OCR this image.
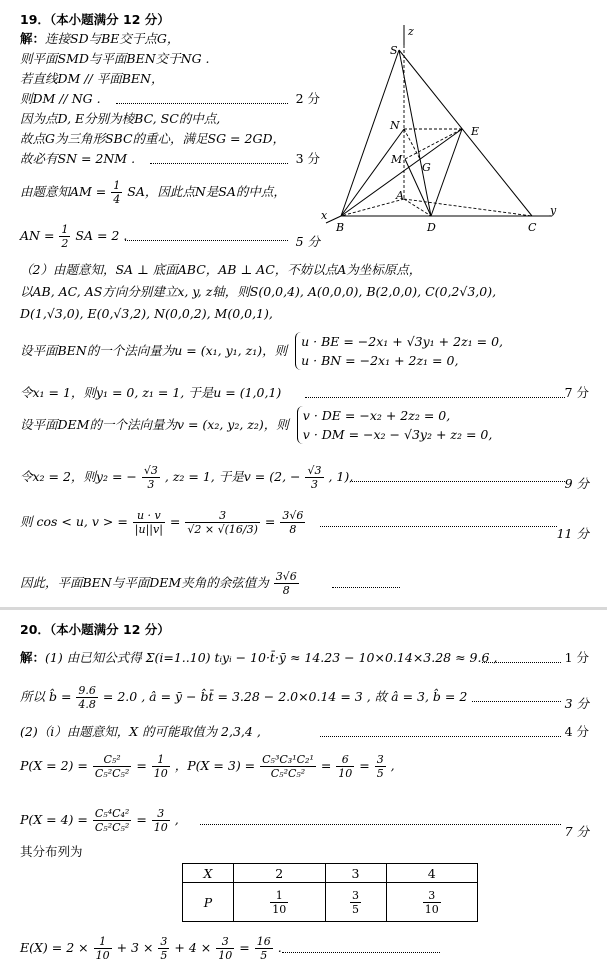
19．（本小题满分 12 分）
解：连接SD与BE交于点G，
则平面SMD与平面BEN交于NG .
若直线DM // 平面BEN，
则DM // NG .	2 分
因为点D, E分别为棱BC, SC的中点,
故点G为三角形SBC的重心，满足SG = 2GD，
故必有SN = 2NM .	3 分
由题意知AM = $\frac{1}{4}$ SA，因此点N是SA的中点，
AN = $\frac{1}{2}$ SA = 2 .	5 分
S
z
N	E
M
G
A
x
B	D	C
y
（2）由题意知，SA ⊥ 底面ABC，AB ⊥ AC，不妨以点A为坐标原点，
以AB, AC, AS方向分别建立x, y, z轴，则S(0,0,4), A(0,0,0), B(2,0,0), C(0,2√3,0),
D(1,√3,0), E(0,√3,2), N(0,0,2), M(0,0,1),
设平面BEN的一个法向量为u = (x₁, y₁, z₁)，则
u · BE = −2x₁ + √3y₁ + 2z₁ = 0,
u · BN = −2x₁ + 2z₁ = 0,
令x₁ = 1，则y₁ = 0, z₁ = 1, 于是u = (1,0,1)	7 分
设平面DEM的一个法向量为v = (x₂, y₂, z₂)，则
v · DE = −x₂ + 2z₂ = 0,
v · DM = −x₂ − √3y₂ + z₂ = 0,
令x₂ = 2，则y₂ = − $\frac{√3}{3}$ , z₂ = 1, 于是v = (2, − $\frac{√3}{3}$ , 1),	9 分
则 cos < u, v > = $\frac{u \cdot v}{|u||v|} = \frac{3}{√2 \times √(16/3)} = \frac{3√6}{8}$	11 分
因此，平面BEN与平面DEM夹角的余弦值为 $\frac{3√6}{8}$
20．（本小题满分 12 分）
解：(1) 由已知公式得 Σ(i=1..10) tᵢyᵢ − 10·t̄·ȳ ≈ 14.23 − 10×0.14×3.28 ≈ 9.6 ,	1 分
所以 b̂ = $\frac{9.6}{4.8} = 2.0$ , â = ȳ − b̂t̄ = 3.28 − 2.0×0.14 = 3 , 故 â = 3, b̂ = 2	3 分
(2)（ⅰ）由题意知，X 的可能取值为 2,3,4 ,	4 分
$P(X = 2) = \frac{\text{C₅²}}{\text{C₅²C₅²}} = \frac{1}{10}$ ，$P(X = 3) = \frac{\text{C₅³C₃¹C₂¹}}{\text{C₅²C₅²}} = \frac{6}{10} = \frac{3}{5}$ ,
$P(X = 4) = \frac{\text{C₅⁴C₄²}}{\text{C₅²C₅²}} = \frac{3}{10}$ ,
7 分
其分布列为
X	2	3	4
P	$\frac{1}{10}$	$\frac{3}{5}$	$\frac{3}{10}$
$E(X) = 2 \times \frac{1}{10} + 3 \times \frac{3}{5} + 4 \times \frac{3}{10} = \frac{16}{5}$ .
